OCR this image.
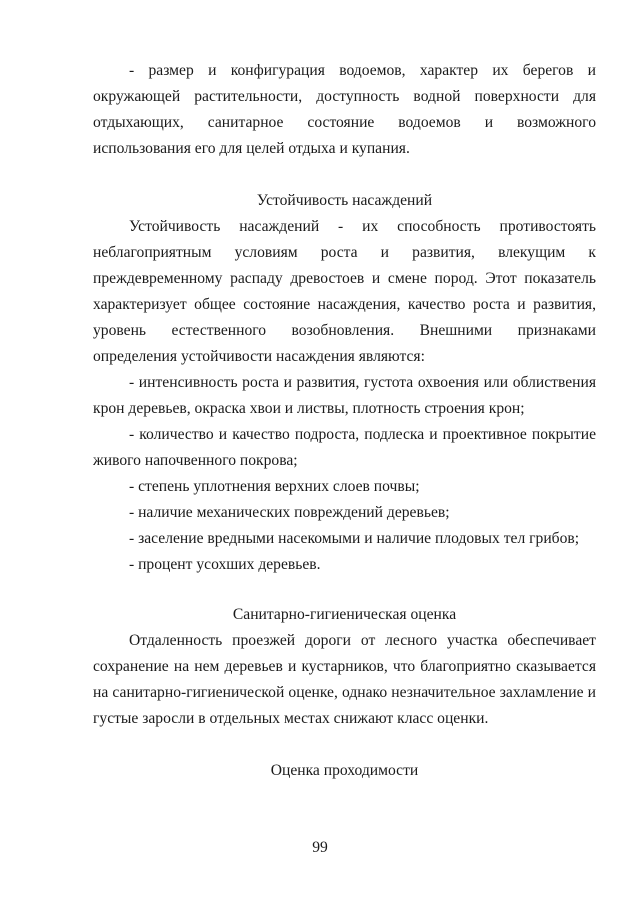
- размер и конфигурация водоемов, характер их берегов и окружающей растительности, доступность водной поверхности для отдыхающих, санитарное состояние водоемов и возможного использования его для целей отдыха и купания.

Устойчивость насаждений

Устойчивость насаждений - их способность противостоять неблагоприятным условиям роста и развития, влекущим к преждевременному распаду древостоев и смене пород. Этот показатель характеризует общее состояние насаждения, качество роста и развития, уровень естественного возобновления. Внешними признаками определения устойчивости насаждения являются:

- интенсивность роста и развития, густота охвоения или облиствения крон деревьев, окраска хвои и листвы, плотность строения крон;

- количество и качество подроста, подлеска и проективное покрытие живого напочвенного покрова;

- степень уплотнения верхних слоев почвы;

- наличие механических повреждений деревьев;

- заселение вредными насекомыми и наличие плодовых тел грибов;

- процент усохших деревьев.

Санитарно-гигиеническая оценка

Отдаленность проезжей дороги от лесного участка обеспечивает сохранение на нем деревьев и кустарников, что благоприятно сказывается на санитарно-гигиенической оценке, однако незначительное захламление и густые заросли в отдельных местах снижают класс оценки.

Оценка проходимости
99
